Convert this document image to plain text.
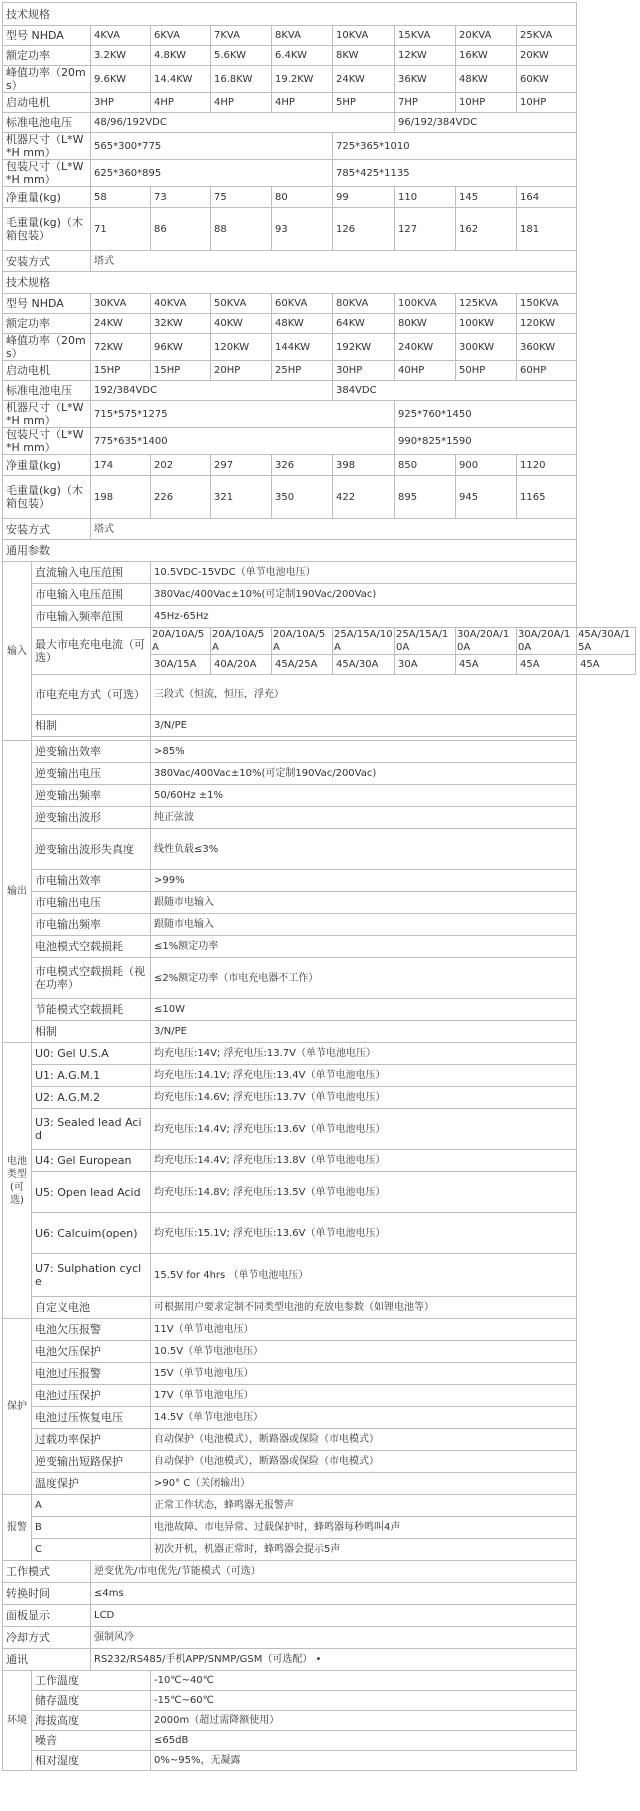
技术规格										
型号 NHDA		4KVA	6KVA	7KVA	8KVA	10KVA	15KVA	20KVA	25KVA	
额定功率		3.2KW	4.8KW	5.6KW	6.4KW	8KW	12KW	16KW	20KW	
峰值功率（20ms）		9.6KW	14.4KW	16.8KW	19.2KW	24KW	36KW	48KW	60KW	
启动电机		3HP	4HP	4HP	4HP	5HP	7HP	10HP	10HP	
标准电池电压		48/96/192VDC					96/192/384VDC			
机器尺寸（L*W*H mm）		565*300*775				725*365*1010				
包装尺寸（L*W*H mm）		625*360*895				785*425*1135				
净重量(kg)		58	73	75	80	99	110	145	164	
毛重量(kg)（木箱包装）		71	86	88	93	126	127	162	181	
安装方式		塔式								
技术规格										
型号 NHDA		30KVA	40KVA	50KVA	60KVA	80KVA	100KVA	125KVA	150KVA	
额定功率		24KW	32KW	40KW	48KW	64KW	80KW	100KW	120KW	
峰值功率（20ms）		72KW	96KW	120KW	144KW	192KW	240KW	300KW	360KW	
启动电机		15HP	15HP	20HP	25HP	30HP	40HP	50HP	60HP	
标准电池电压		192/384VDC				384VDC				
机器尺寸（L*W*H mm）		715*575*1275					925*760*1450			
包装尺寸（L*W*H mm）		775*635*1400					990*825*1590			
净重量(kg)		174	202	297	326	398	850	900	1120	
毛重量(kg)（木箱包装）		198	226	321	350	422	895	945	1165	
安装方式		塔式								
通用参数										
输入	直流输入电压范围		10.5VDC-15VDC（单节电池电压）							
	市电输入电压范围		380Vac/400Vac±10%(可定制190Vac/200Vac)							
	市电输入频率范围		45Hz-65Hz							
	最大市电充电电流（可选）		20A/10A/5A	20A/10A/5A	20A/10A/5A	25A/15A/10A	25A/15A/10A	30A/20A/10A	30A/20A/10A	45A/30A/15A
			30A/15A	40A/20A	45A/25A	45A/30A	30A	45A	45A	45A
	市电充电方式（可选）		三段式（恒流，恒压，浮充）							
	相制		3/N/PE							

输出	逆变输出效率		>85%							
	逆变输出电压		380Vac/400Vac±10%(可定制190Vac/200Vac)							
	逆变输出频率		50/60Hz ±1%							
	逆变输出波形		纯正弦波							
	逆变输出波形失真度		线性负载≤3%							
	市电输出效率		>99%							
	市电输出电压		跟随市电输入							
	市电输出频率		跟随市电输入							
	电池模式空载损耗		≤1%额定功率							
	市电模式空载损耗（视在功率）		≤2%额定功率（市电充电器不工作）							
	节能模式空载损耗		≤10W							
	相制		3/N/PE							
电池类型(可选)	U0: Gel U.S.A		均充电压:14V; 浮充电压:13.7V（单节电池电压）							
	U1: A.G.M.1		均充电压:14.1V; 浮充电压:13.4V（单节电池电压）							
	U2: A.G.M.2		均充电压:14.6V; 浮充电压:13.7V（单节电池电压）							
	U3: Sealed lead Acid		均充电压:14.4V; 浮充电压:13.6V（单节电池电压）							
	U4: Gel European		均充电压:14.4V; 浮充电压:13.8V（单节电池电压）							
	U5: Open lead Acid		均充电压:14.8V; 浮充电压:13.5V（单节电池电压）							
	U6: Calcuim(open)		均充电压:15.1V; 浮充电压:13.6V（单节电池电压）							
	U7: Sulphation cycle		15.5V for 4hrs （单节电池电压）							
	自定义电池		可根据用户要求定制不同类型电池的充放电参数（如锂电池等）							
保护	电池欠压报警		11V（单节电池电压）							
	电池欠压保护		10.5V（单节电池电压）							
	电池过压报警		15V（单节电池电压）							
	电池过压保护		17V（单节电池电压）							
	电池过压恢复电压		14.5V（单节电池电压）							
	过载功率保护		自动保护（电池模式），断路器或保险（市电模式）							
	逆变输出短路保护		自动保护（电池模式），断路器或保险（市电模式）							
	温度保护		>90° C（关闭输出）							
报警	A		正常工作状态，蜂鸣器无报警声							
	B		电池故障、市电异常、过载保护时，蜂鸣器每秒鸣叫4声							
	C		初次开机，机器正常时，蜂鸣器会提示5声							
工作模式		逆变优先/市电优先/节能模式（可选）								
转换时间		≤4ms								
面板显示		LCD								
冷却方式		强制风冷								
通讯		RS232/RS485/手机APP/SNMP/GSM（可选配） •								
环境	工作温度		-10℃~40℃							
	储存温度		-15℃~60℃							
	海拔高度		2000m（超过需降额使用）							
	噪音		≤65dB							
	相对湿度		0%~95%，无凝露							
